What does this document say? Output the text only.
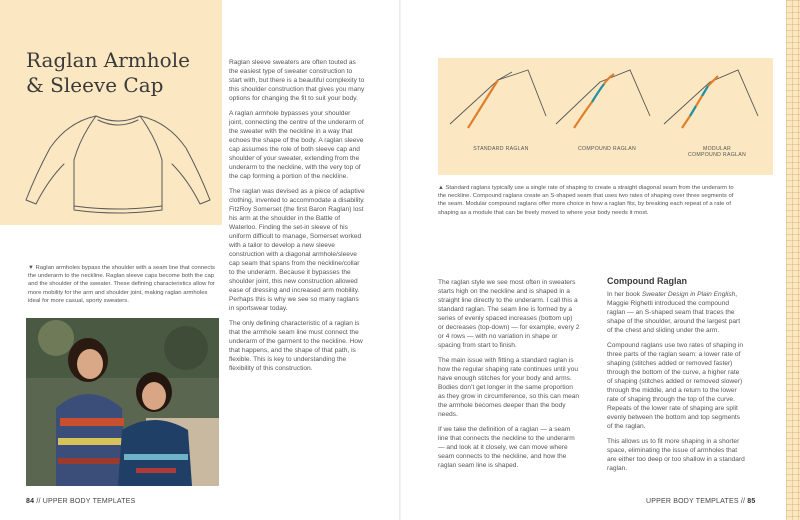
Raglan Armhole
& Sleeve Cap

Raglan sleeve sweaters are often touted as the easiest type of sweater construction to start with, but there is a beautiful complexity to this shoulder construction that gives you many options for changing the fit to suit your body.

A raglan armhole bypasses your shoulder joint, connecting the centre of the underarm of the sweater with the neckline in a way that echoes the shape of the body. A raglan sleeve cap assumes the role of both sleeve cap and shoulder of your sweater, extending from the underarm to the neckline, with the very top of the cap forming a portion of the neckline.

The raglan was devised as a piece of adaptive clothing, invented to accommodate a disability. FitzRoy Somerset (the first Baron Raglan) lost his arm at the shoulder in the Battle of Waterloo. Finding the set-in sleeve of his uniform difficult to manage, Somerset worked with a tailor to develop a new sleeve construction with a diagonal armhole/sleeve cap seam that spans from the neckline/collar to the underarm. Because it bypasses the shoulder joint, this new construction allowed ease of dressing and increased arm mobility. Perhaps this is why we see so many raglans in sportswear today.

The only defining characteristic of a raglan is that the armhole seam line must connect the underarm of the garment to the neckline. How that happens, and the shape of that path, is flexible. This is key to understanding the flexibility of this construction.

▼ Raglan armholes bypass the shoulder with a seam line that connects the underarm to the neckline. Raglan sleeve caps become both the cap and the shoulder of the sweater. These defining characteristics allow for more mobility for the arm and shoulder joint, making raglan armholes ideal for more casual, sporty sweaters.
STANDARD RAGLAN	COMPOUND RAGLAN	MODULAR
COMPOUND RAGLAN
▲ Standard raglans typically use a single rate of shaping to create a straight diagonal seam from the underarm to the neckline. Compound raglans create an S-shaped seam that uses two rates of shaping over three segments of the seam. Modular compound raglans offer more choice in how a raglan fits, by breaking each repeat of a rate of shaping as a module that can be freely moved to where your body needs it most.

The raglan style we see most often in sweaters starts high on the neckline and is shaped in a straight line directly to the underarm. I call this a standard raglan. The seam line is formed by a series of evenly spaced increases (bottom up) or decreases (top-down) — for example, every 2 or 4 rows — with no variation in shape or spacing from start to finish.

The main issue with fitting a standard raglan is how the regular shaping rate continues until you have enough stitches for your body and arms. Bodies don’t get longer in the same proportion as they grow in circumference, so this can mean the armhole becomes deeper than the body needs.

If we take the definition of a raglan — a seam line that connects the neckline to the underarm — and look at it closely, we can move where seam connects to the neckline, and how the raglan seam line is shaped.

Compound Raglan

In her book Sweater Design in Plain English, Maggie Righetti introduced the compound raglan — an S-shaped seam that traces the shape of the shoulder, around the largest part of the chest and sliding under the arm.

Compound raglans use two rates of shaping in three parts of the raglan seam: a lower rate of shaping (stitches added or removed faster) through the bottom of the curve, a higher rate of shaping (stitches added or removed slower) through the middle, and a return to the lower rate of shaping through the top of the curve. Repeats of the lower rate of shaping are split evenly between the bottom and top segments of the raglan.

This allows us to fit more shaping in a shorter space, eliminating the issue of armholes that are either too deep or too shallow in a standard raglan.

84 // UPPER BODY TEMPLATES	UPPER BODY TEMPLATES // 85
